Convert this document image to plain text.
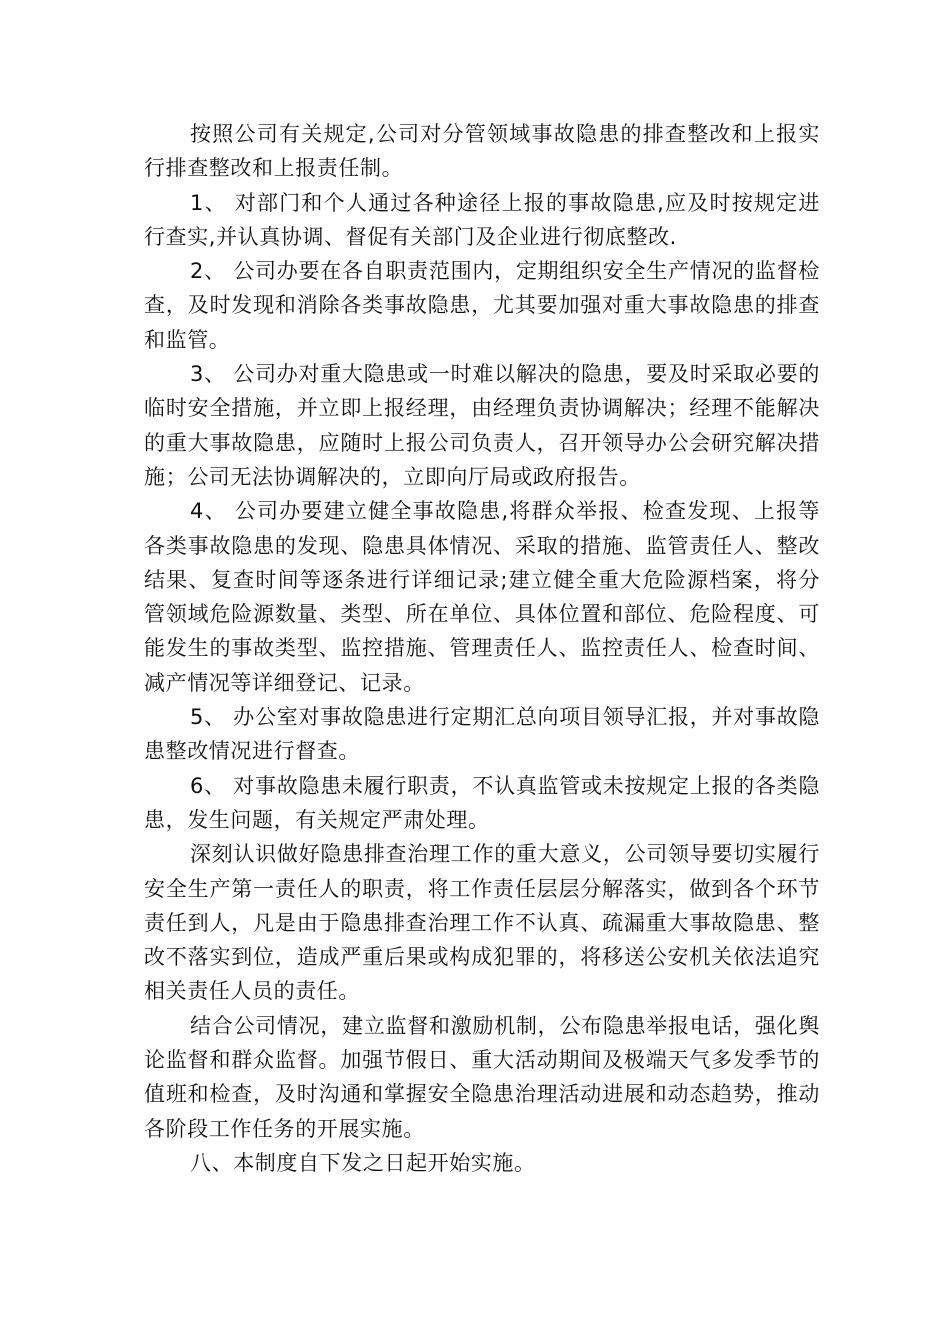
按照公司有关规定,公司对分管领域事故隐患的排查整改和上报实行排查整改和上报责任制。

1、 对部门和个人通过各种途径上报的事故隐患,应及时按规定进行查实,并认真协调、督促有关部门及企业进行彻底整改.

2、 公司办要在各自职责范围内，定期组织安全生产情况的监督检查，及时发现和消除各类事故隐患，尤其要加强对重大事故隐患的排查和监管。

3、 公司办对重大隐患或一时难以解决的隐患，要及时采取必要的临时安全措施，并立即上报经理，由经理负责协调解决；经理不能解决的重大事故隐患，应随时上报公司负责人，召开领导办公会研究解决措施；公司无法协调解决的，立即向厅局或政府报告。

4、 公司办要建立健全事故隐患,将群众举报、检查发现、上报等各类事故隐患的发现、隐患具体情况、采取的措施、监管责任人、整改结果、复查时间等逐条进行详细记录;建立健全重大危险源档案，将分管领域危险源数量、类型、所在单位、具体位置和部位、危险程度、可能发生的事故类型、监控措施、管理责任人、监控责任人、检查时间、减产情况等详细登记、记录。

5、 办公室对事故隐患进行定期汇总向项目领导汇报，并对事故隐患整改情况进行督查。

6、 对事故隐患未履行职责，不认真监管或未按规定上报的各类隐患，发生问题，有关规定严肃处理。

深刻认识做好隐患排查治理工作的重大意义，公司领导要切实履行安全生产第一责任人的职责，将工作责任层层分解落实，做到各个环节责任到人，凡是由于隐患排查治理工作不认真、疏漏重大事故隐患、整改不落实到位，造成严重后果或构成犯罪的，将移送公安机关依法追究相关责任人员的责任。

结合公司情况，建立监督和激励机制，公布隐患举报电话，强化舆论监督和群众监督。加强节假日、重大活动期间及极端天气多发季节的值班和检查，及时沟通和掌握安全隐患治理活动进展和动态趋势，推动各阶段工作任务的开展实施。

八、本制度自下发之日起开始实施。
